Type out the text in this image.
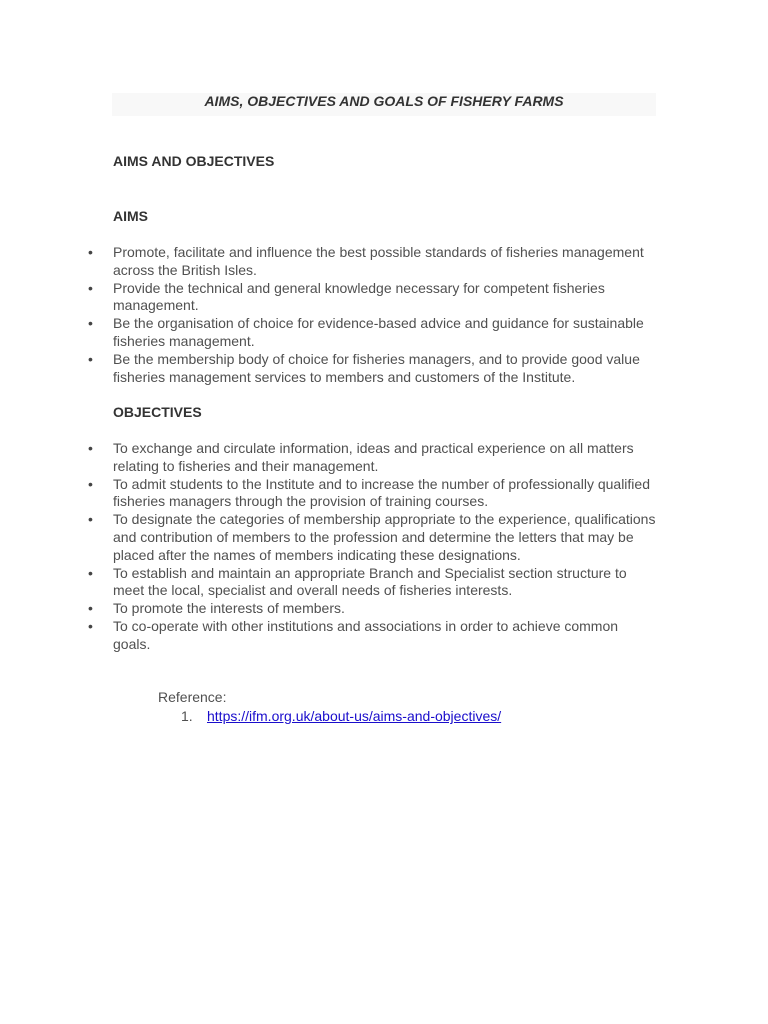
AIMS, OBJECTIVES AND GOALS OF FISHERY FARMS
AIMS AND OBJECTIVES
AIMS
• Promote, facilitate and influence the best possible standards of fisheries management across the British Isles.
• Provide the technical and general knowledge necessary for competent fisheries management.
• Be the organisation of choice for evidence-based advice and guidance for sustainable fisheries management.
• Be the membership body of choice for fisheries managers, and to provide good value fisheries management services to members and customers of the Institute.
OBJECTIVES
• To exchange and circulate information, ideas and practical experience on all matters relating to fisheries and their management.
• To admit students to the Institute and to increase the number of professionally qualified fisheries managers through the provision of training courses.
• To designate the categories of membership appropriate to the experience, qualifications and contribution of members to the profession and determine the letters that may be placed after the names of members indicating these designations.
• To establish and maintain an appropriate Branch and Specialist section structure to meet the local, specialist and overall needs of fisheries interests.
• To promote the interests of members.
• To co-operate with other institutions and associations in order to achieve common goals.
Reference:
1. https://ifm.org.uk/about-us/aims-and-objectives/
